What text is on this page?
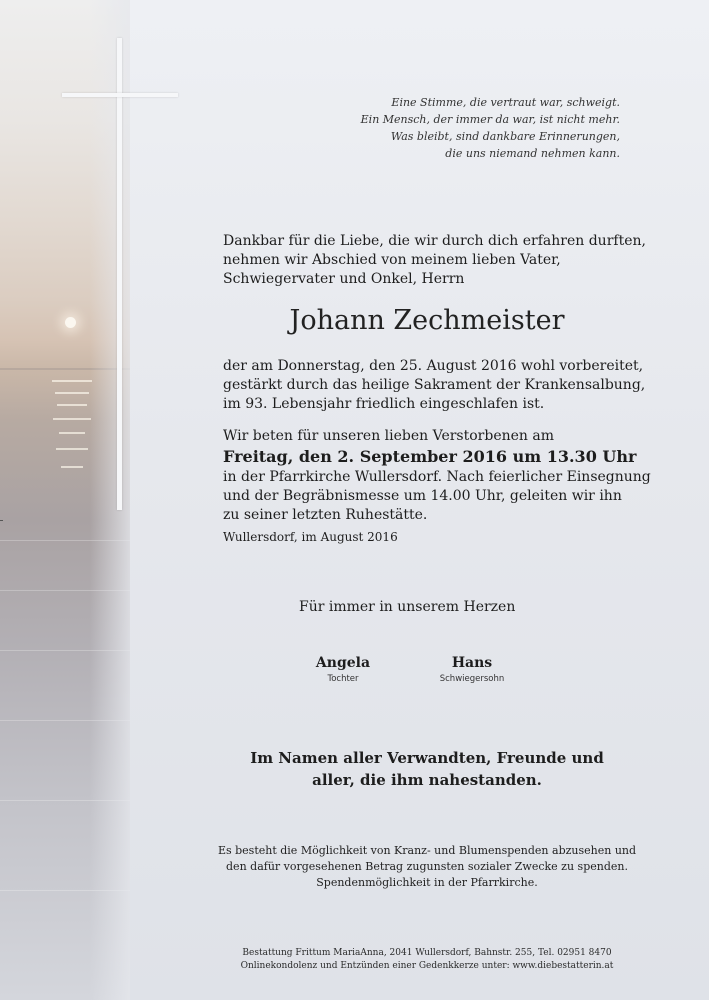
Eine Stimme, die vertraut war, schweigt.
Ein Mensch, der immer da war, ist nicht mehr.
Was bleibt, sind dankbare Erinnerungen,
die uns niemand nehmen kann.
Dankbar für die Liebe, die wir durch dich erfahren durften,
nehmen wir Abschied von meinem lieben Vater,
Schwiegervater und Onkel, Herrn
Johann Zechmeister
der am Donnerstag, den 25. August 2016 wohl vorbereitet,
gestärkt durch das heilige Sakrament der Krankensalbung,
im 93. Lebensjahr friedlich eingeschlafen ist.
Wir beten für unseren lieben Verstorbenen am
Freitag, den 2. September 2016 um 13.30 Uhr
in der Pfarrkirche Wullersdorf. Nach feierlicher Einsegnung
und der Begräbnismesse um 14.00 Uhr, geleiten wir ihn
zu seiner letzten Ruhestätte.
Wullersdorf, im August 2016
Für immer in unserem Herzen
Angela
Tochter
Hans
Schwiegersohn
Im Namen aller Verwandten, Freunde und
aller, die ihm nahestanden.
Es besteht die Möglichkeit von Kranz- und Blumenspenden abzusehen und
den dafür vorgesehenen Betrag zugunsten sozialer Zwecke zu spenden.
Spendenmöglichkeit in der Pfarrkirche.
Bestattung Frittum MariaAnna, 2041 Wullersdorf, Bahnstr. 255, Tel. 02951 8470
Onlinekondolenz und Entzünden einer Gedenkkerze unter: www.diebestatterin.at
